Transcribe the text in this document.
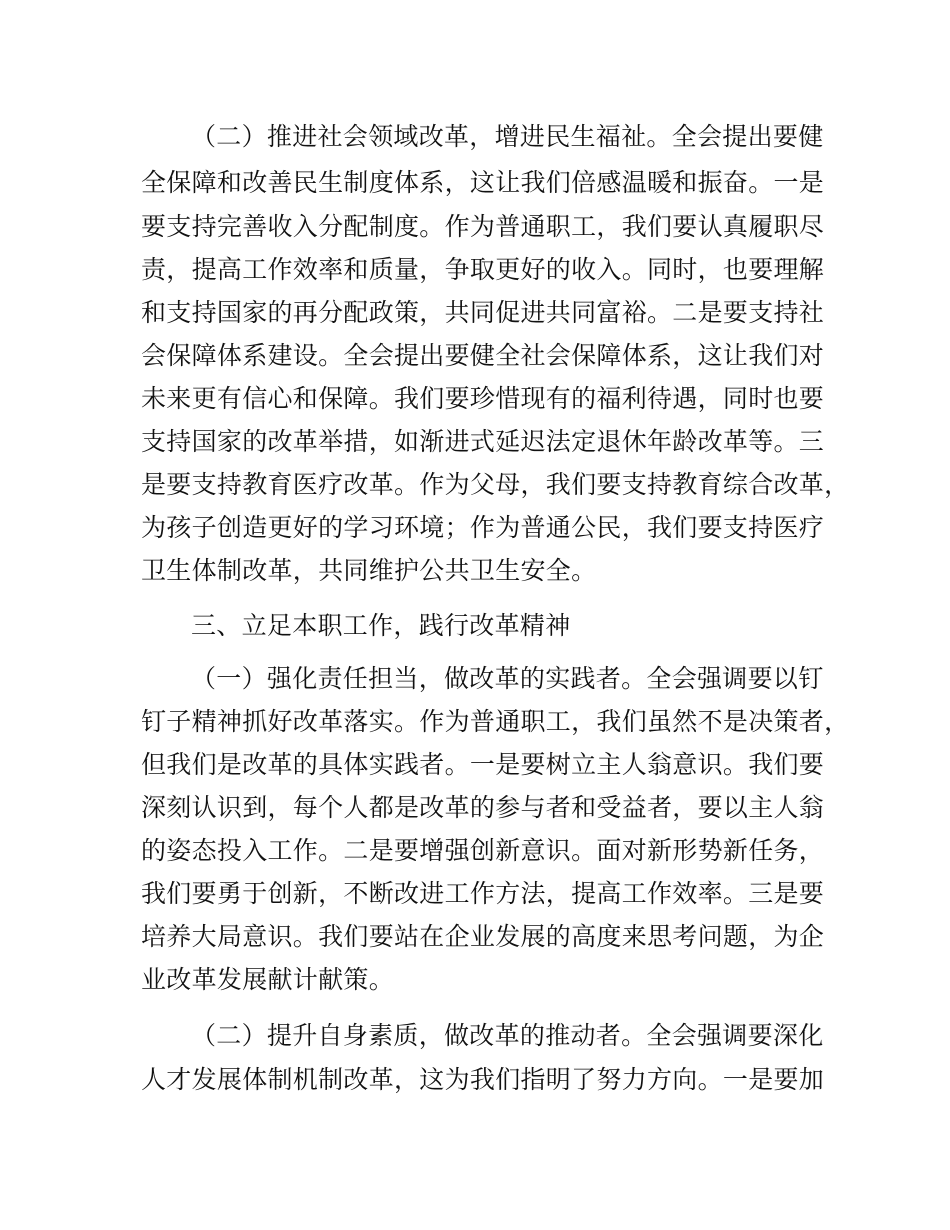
（二）推进社会领域改革，增进民生福祉。全会提出要健
全保障和改善民生制度体系，这让我们倍感温暖和振奋。一是
要支持完善收入分配制度。作为普通职工，我们要认真履职尽
责，提高工作效率和质量，争取更好的收入。同时，也要理解
和支持国家的再分配政策，共同促进共同富裕。二是要支持社
会保障体系建设。全会提出要健全社会保障体系，这让我们对
未来更有信心和保障。我们要珍惜现有的福利待遇，同时也要
支持国家的改革举措，如渐进式延迟法定退休年龄改革等。三
是要支持教育医疗改革。作为父母，我们要支持教育综合改革，
为孩子创造更好的学习环境；作为普通公民，我们要支持医疗
卫生体制改革，共同维护公共卫生安全。
三、立足本职工作，践行改革精神
（一）强化责任担当，做改革的实践者。全会强调要以钉
钉子精神抓好改革落实。作为普通职工，我们虽然不是决策者，
但我们是改革的具体实践者。一是要树立主人翁意识。我们要
深刻认识到，每个人都是改革的参与者和受益者，要以主人翁
的姿态投入工作。二是要增强创新意识。面对新形势新任务，
我们要勇于创新，不断改进工作方法，提高工作效率。三是要
培养大局意识。我们要站在企业发展的高度来思考问题，为企
业改革发展献计献策。
（二）提升自身素质，做改革的推动者。全会强调要深化
人才发展体制机制改革，这为我们指明了努力方向。一是要加
